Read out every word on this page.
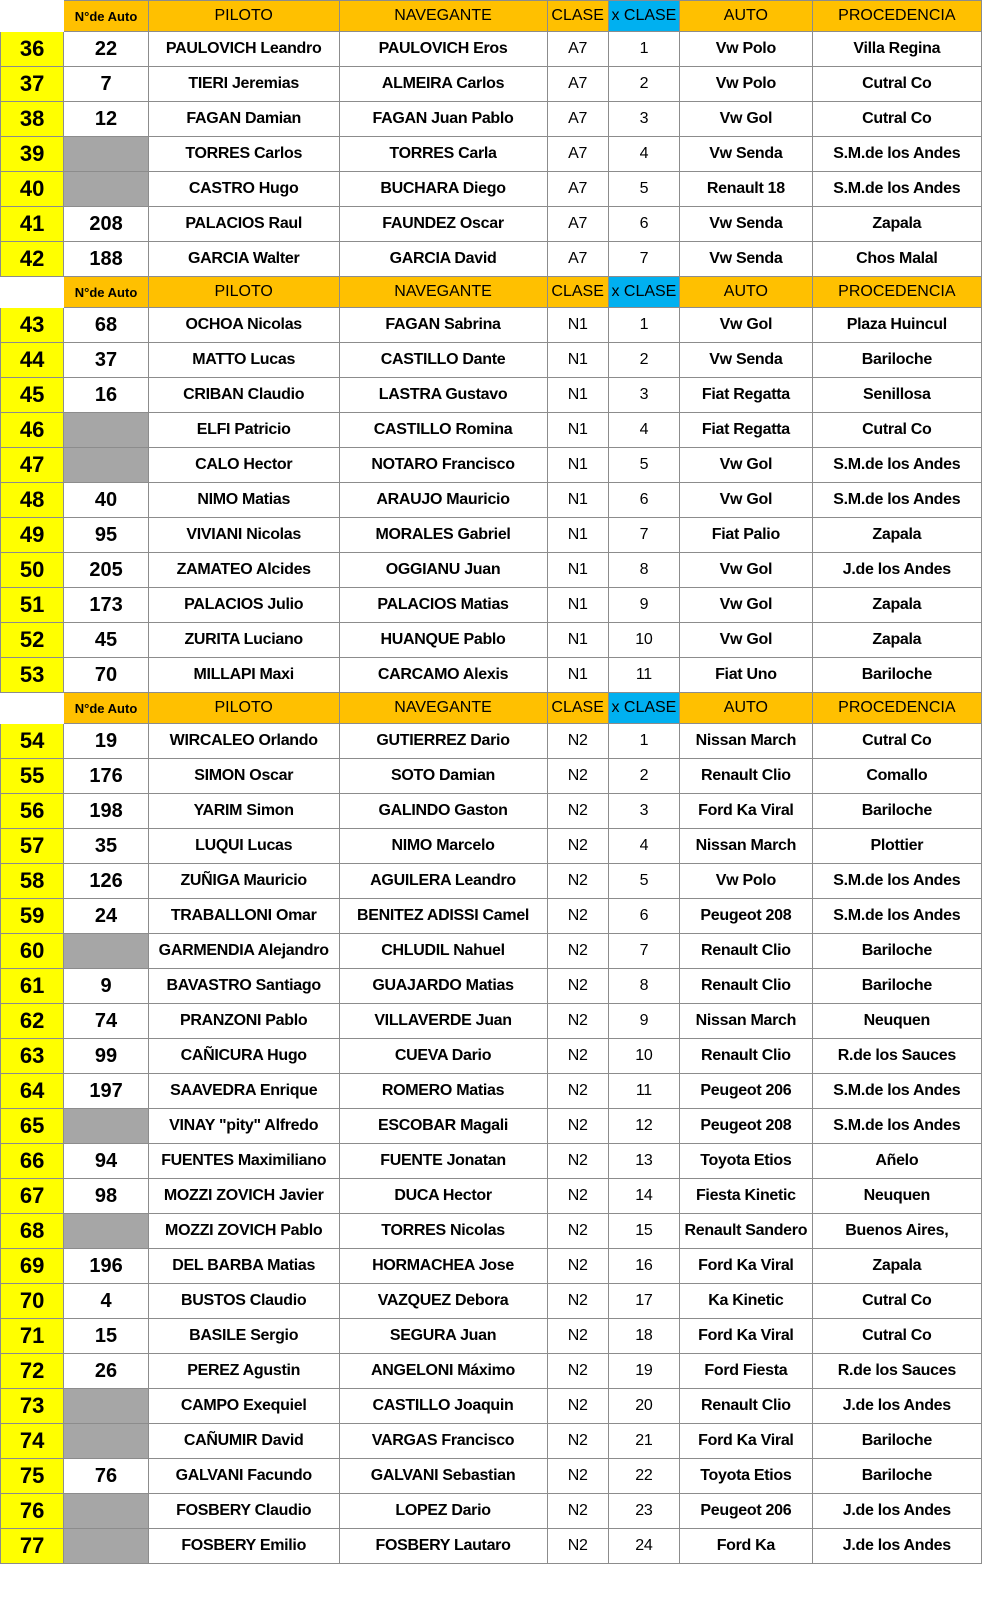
	N°de Auto	PILOTO	NAVEGANTE	CLASE	x CLASE	AUTO	PROCEDENCIA
36	22	PAULOVICH Leandro	PAULOVICH Eros	A7	1	Vw Polo	Villa Regina
37	7	TIERI Jeremias	ALMEIRA Carlos	A7	2	Vw Polo	Cutral Co
38	12	FAGAN Damian	FAGAN Juan Pablo	A7	3	Vw Gol	Cutral Co
39		TORRES Carlos	TORRES Carla	A7	4	Vw Senda	S.M.de los Andes
40		CASTRO Hugo	BUCHARA Diego	A7	5	Renault 18	S.M.de los Andes
41	208	PALACIOS Raul	FAUNDEZ Oscar	A7	6	Vw Senda	Zapala
42	188	GARCIA Walter	GARCIA David	A7	7	Vw Senda	Chos Malal
	N°de Auto	PILOTO	NAVEGANTE	CLASE	x CLASE	AUTO	PROCEDENCIA
43	68	OCHOA Nicolas	FAGAN Sabrina	N1	1	Vw Gol	Plaza Huincul
44	37	MATTO Lucas	CASTILLO Dante	N1	2	Vw Senda	Bariloche
45	16	CRIBAN Claudio	LASTRA Gustavo	N1	3	Fiat Regatta	Senillosa
46		ELFI Patricio	CASTILLO Romina	N1	4	Fiat Regatta	Cutral Co
47		CALO Hector	NOTARO Francisco	N1	5	Vw Gol	S.M.de los Andes
48	40	NIMO Matias	ARAUJO Mauricio	N1	6	Vw Gol	S.M.de los Andes
49	95	VIVIANI Nicolas	MORALES Gabriel	N1	7	Fiat Palio	Zapala
50	205	ZAMATEO Alcides	OGGIANU Juan	N1	8	Vw Gol	J.de los Andes
51	173	PALACIOS Julio	PALACIOS Matias	N1	9	Vw Gol	Zapala
52	45	ZURITA Luciano	HUANQUE Pablo	N1	10	Vw Gol	Zapala
53	70	MILLAPI Maxi	CARCAMO Alexis	N1	11	Fiat Uno	Bariloche
	N°de Auto	PILOTO	NAVEGANTE	CLASE	x CLASE	AUTO	PROCEDENCIA
54	19	WIRCALEO Orlando	GUTIERREZ Dario	N2	1	Nissan March	Cutral Co
55	176	SIMON Oscar	SOTO Damian	N2	2	Renault Clio	Comallo
56	198	YARIM Simon	GALINDO Gaston	N2	3	Ford Ka Viral	Bariloche
57	35	LUQUI Lucas	NIMO Marcelo	N2	4	Nissan March	Plottier
58	126	ZUÑIGA Mauricio	AGUILERA Leandro	N2	5	Vw Polo	S.M.de los Andes
59	24	TRABALLONI Omar	BENITEZ ADISSI Camel	N2	6	Peugeot 208	S.M.de los Andes
60		GARMENDIA Alejandro	CHLUDIL Nahuel	N2	7	Renault Clio	Bariloche
61	9	BAVASTRO Santiago	GUAJARDO Matias	N2	8	Renault Clio	Bariloche
62	74	PRANZONI Pablo	VILLAVERDE Juan	N2	9	Nissan March	Neuquen
63	99	CAÑICURA Hugo	CUEVA Dario	N2	10	Renault Clio	R.de los Sauces
64	197	SAAVEDRA Enrique	ROMERO Matias	N2	11	Peugeot 206	S.M.de los Andes
65		VINAY "pity" Alfredo	ESCOBAR Magali	N2	12	Peugeot 208	S.M.de los Andes
66	94	FUENTES Maximiliano	FUENTE Jonatan	N2	13	Toyota Etios	Añelo
67	98	MOZZI ZOVICH Javier	DUCA Hector	N2	14	Fiesta Kinetic	Neuquen
68		MOZZI ZOVICH Pablo	TORRES Nicolas	N2	15	Renault Sandero	Buenos Aires,
69	196	DEL BARBA Matias	HORMACHEA Jose	N2	16	Ford Ka Viral	Zapala
70	4	BUSTOS Claudio	VAZQUEZ Debora	N2	17	Ka Kinetic	Cutral Co
71	15	BASILE Sergio	SEGURA Juan	N2	18	Ford Ka Viral	Cutral Co
72	26	PEREZ Agustin	ANGELONI Máximo	N2	19	Ford Fiesta	R.de los Sauces
73		CAMPO Exequiel	CASTILLO Joaquin	N2	20	Renault Clio	J.de los Andes
74		CAÑUMIR David	VARGAS Francisco	N2	21	Ford Ka Viral	Bariloche
75	76	GALVANI Facundo	GALVANI Sebastian	N2	22	Toyota Etios	Bariloche
76		FOSBERY Claudio	LOPEZ Dario	N2	23	Peugeot 206	J.de los Andes
77		FOSBERY Emilio	FOSBERY Lautaro	N2	24	Ford Ka	J.de los Andes
